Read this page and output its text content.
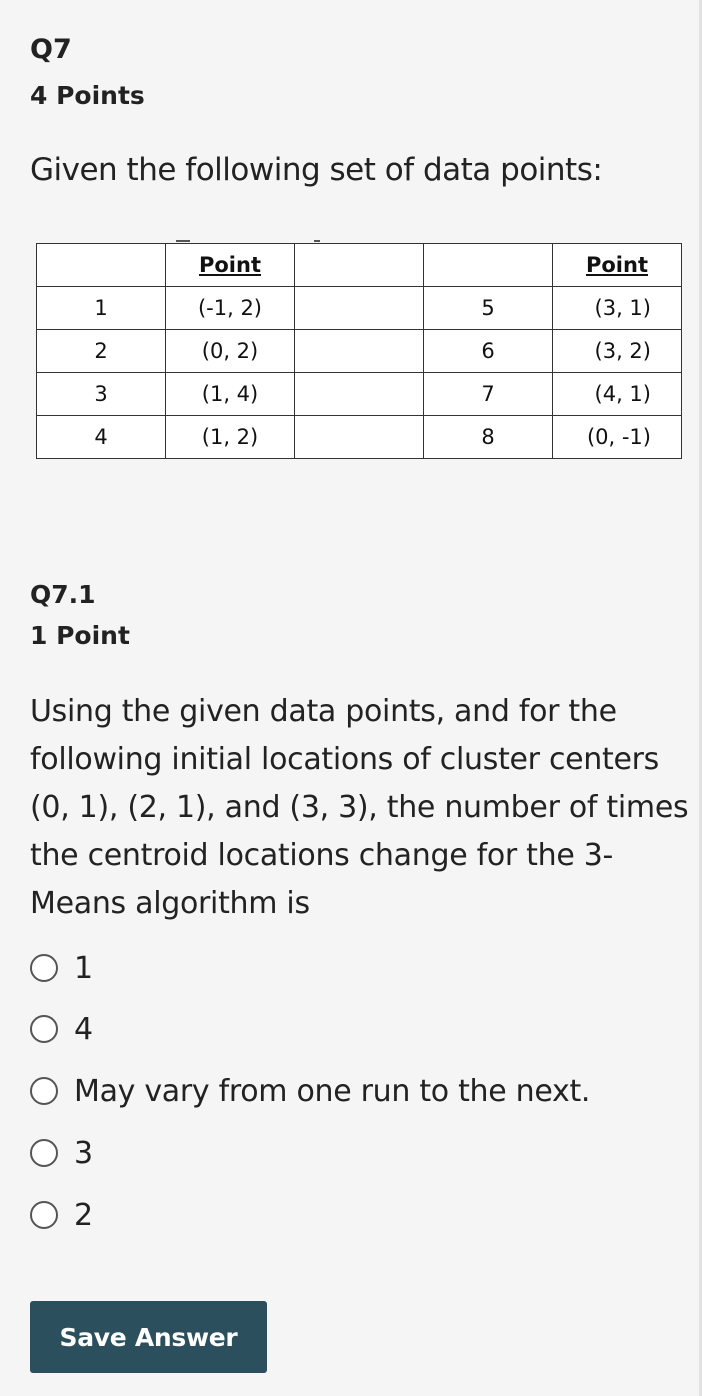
Q7
4 Points
Given the following set of data points:
	Point			Point
1	(-1, 2)		5	(3, 1)
2	(0, 2)		6	(3, 2)
3	(1, 4)		7	(4, 1)
4	(1, 2)		8	(0, -1)
Q7.1
1 Point
Using the given data points, and for the following initial locations of cluster centers (0, 1), (2, 1), and (3, 3), the number of times the centroid locations change for the 3-Means algorithm is
1
4
May vary from one run to the next.
3
2
Save Answer
